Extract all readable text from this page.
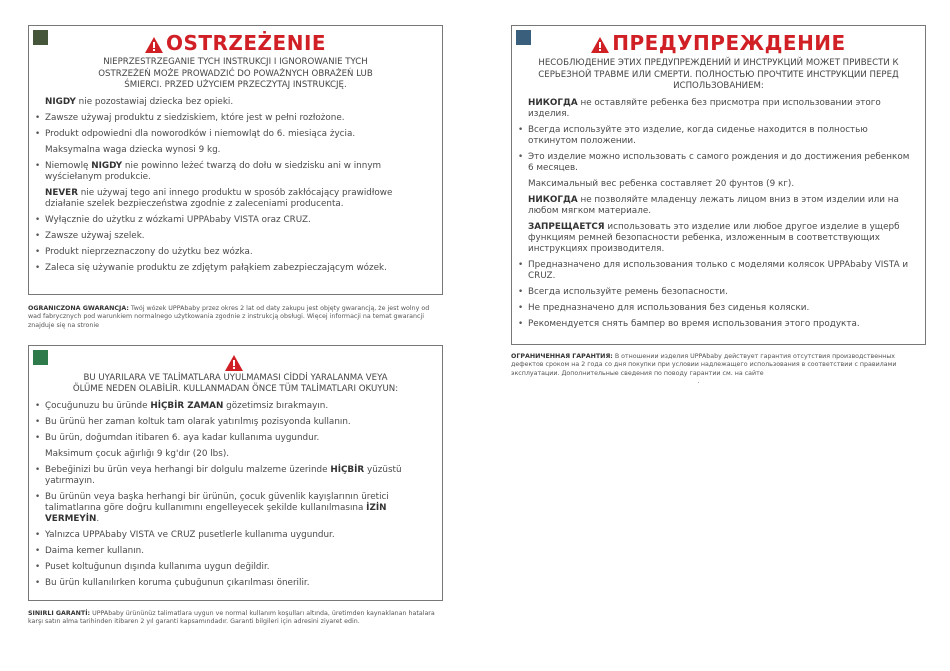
OSTRZEŻENIE
NIEPRZESTRZEGANIE TYCH INSTRUKCJI I IGNOROWANIE TYCH OSTRZEŻEŃ MOŻE PROWADZIĆ DO POWAŻNYCH OBRAŻEŃ LUB ŚMIERCI. PRZED UŻYCIEM PRZECZYTAJ INSTRUKCJĘ.
NIGDY nie pozostawiaj dziecka bez opieki.
• Zawsze używaj produktu z siedziskiem, które jest w pełni rozłożone.
• Produkt odpowiedni dla noworodków i niemowląt do 6. miesiąca życia.
Maksymalna waga dziecka wynosi 9 kg.
• Niemowlę NIGDY nie powinno leżeć twarzą do dołu w siedzisku ani w innym wyściełanym produkcie.
NEVER nie używaj tego ani innego produktu w sposób zakłócający prawidłowe działanie szelek bezpieczeństwa zgodnie z zaleceniami producenta.
• Wyłącznie do użytku z wózkami UPPAbaby VISTA oraz CRUZ.
• Zawsze używaj szelek.
• Produkt nieprzeznaczony do użytku bez wózka.
• Zaleca się używanie produktu ze zdjętym pałąkiem zabezpieczającym wózek.
OGRANICZONA GWARANCJA: Twój wózek UPPAbaby przez okres 2 lat od daty zakupu jest objęty gwarancją, że jest wolny od wad fabrycznych pod warunkiem normalnego użytkowania zgodnie z instrukcją obsługi. Więcej informacji na temat gwarancji znajduje się na stronie
BU UYARILARA VE TALİMATLARA UYULMAMASI CİDDİ YARALANMA VEYA ÖLÜME NEDEN OLABİLİR. KULLANMADAN ÖNCE TÜM TALİMATLARI OKUYUN:
• Çocuğunuzu bu üründe HİÇBİR ZAMAN gözetimsiz bırakmayın.
• Bu ürünü her zaman koltuk tam olarak yatırılmış pozisyonda kullanın.
• Bu ürün, doğumdan itibaren 6. aya kadar kullanıma uygundur.
Maksimum çocuk ağırlığı 9 kg'dır (20 lbs).
• Bebeğinizi bu ürün veya herhangi bir dolgulu malzeme üzerinde HİÇBİR yüzüstü yatırmayın.
• Bu ürünün veya başka herhangi bir ürünün, çocuk güvenlik kayışlarının üretici talimatlarına göre doğru kullanımını engelleyecek şekilde kullanılmasına İZİN VERMEYİN.
• Yalnızca UPPAbaby VISTA ve CRUZ pusetlerle kullanıma uygundur.
• Daima kemer kullanın.
• Puset koltuğunun dışında kullanıma uygun değildir.
• Bu ürün kullanılırken koruma çubuğunun çıkarılması önerilir.
SINIRLI GARANTİ: UPPAbaby ürününüz talimatlara uygun ve normal kullanım koşulları altında, üretimden kaynaklanan hatalara karşı satın alma tarihinden itibaren 2 yıl garanti kapsamındadır. Garanti bilgileri için adresini ziyaret edin.
ПРЕДУПРЕЖДЕНИЕ
НЕСОБЛЮДЕНИЕ ЭТИХ ПРЕДУПРЕЖДЕНИЙ И ИНСТРУКЦИЙ МОЖЕТ ПРИВЕСТИ К СЕРЬЕЗНОЙ ТРАВМЕ ИЛИ СМЕРТИ. ПОЛНОСТЬЮ ПРОЧТИТЕ ИНСТРУКЦИИ ПЕРЕД ИСПОЛЬЗОВАНИЕМ:
НИКОГДА не оставляйте ребенка без присмотра при использовании этого изделия.
• Всегда используйте это изделие, когда сиденье находится в полностью откинутом положении.
• Это изделие можно использовать с самого рождения и до достижения ребенком 6 месяцев.
Максимальный вес ребенка составляет 20 фунтов (9 кг).
НИКОГДА не позволяйте младенцу лежать лицом вниз в этом изделии или на любом мягком материале.
ЗАПРЕЩАЕТСЯ использовать это изделие или любое другое изделие в ущерб функциям ремней безопасности ребенка, изложенным в соответствующих инструкциях производителя.
• Предназначено для использования только с моделями колясок UPPAbaby VISTA и CRUZ.
• Всегда используйте ремень безопасности.
• Не предназначено для использования без сиденья коляски.
• Рекомендуется снять бампер во время использования этого продукта.
ОГРАНИЧЕННАЯ ГАРАНТИЯ: В отношении изделия UPPAbaby действует гарантия отсутствия производственных дефектов сроком на 2 года со дня покупки при условии надлежащего использования в соответствии с правилами эксплуатации. Дополнительные сведения по поводу гарантии см. на сайте
.
